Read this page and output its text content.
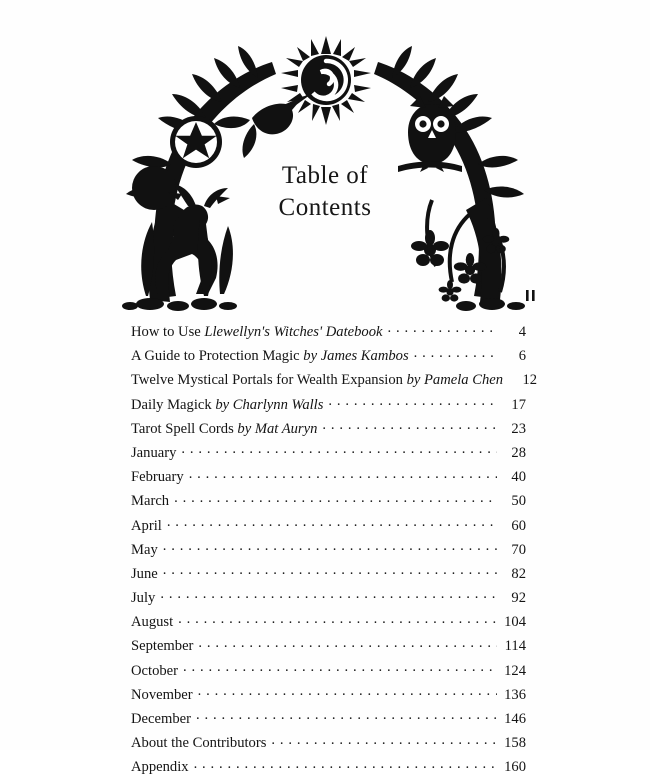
Table of
Contents
How to Use Llewellyn's Witches' Datebook . . .	4
A Guide to Protection Magic by James Kambos . . .	6
Twelve Mystical Portals for Wealth Expansion by Pamela Chen	12
Daily Magick by Charlynn Walls . . .	17
Tarot Spell Cords by Mat Auryn . . .	23
January . . .	28
February . . .	40
March . . .	50
April . . .	60
May . . .	70
June . . .	82
July . . .	92
August . . .	104
September . . .	114
October . . .	124
November . . .	136
December . . .	146
About the Contributors . . .	158
Appendix . . .	160
